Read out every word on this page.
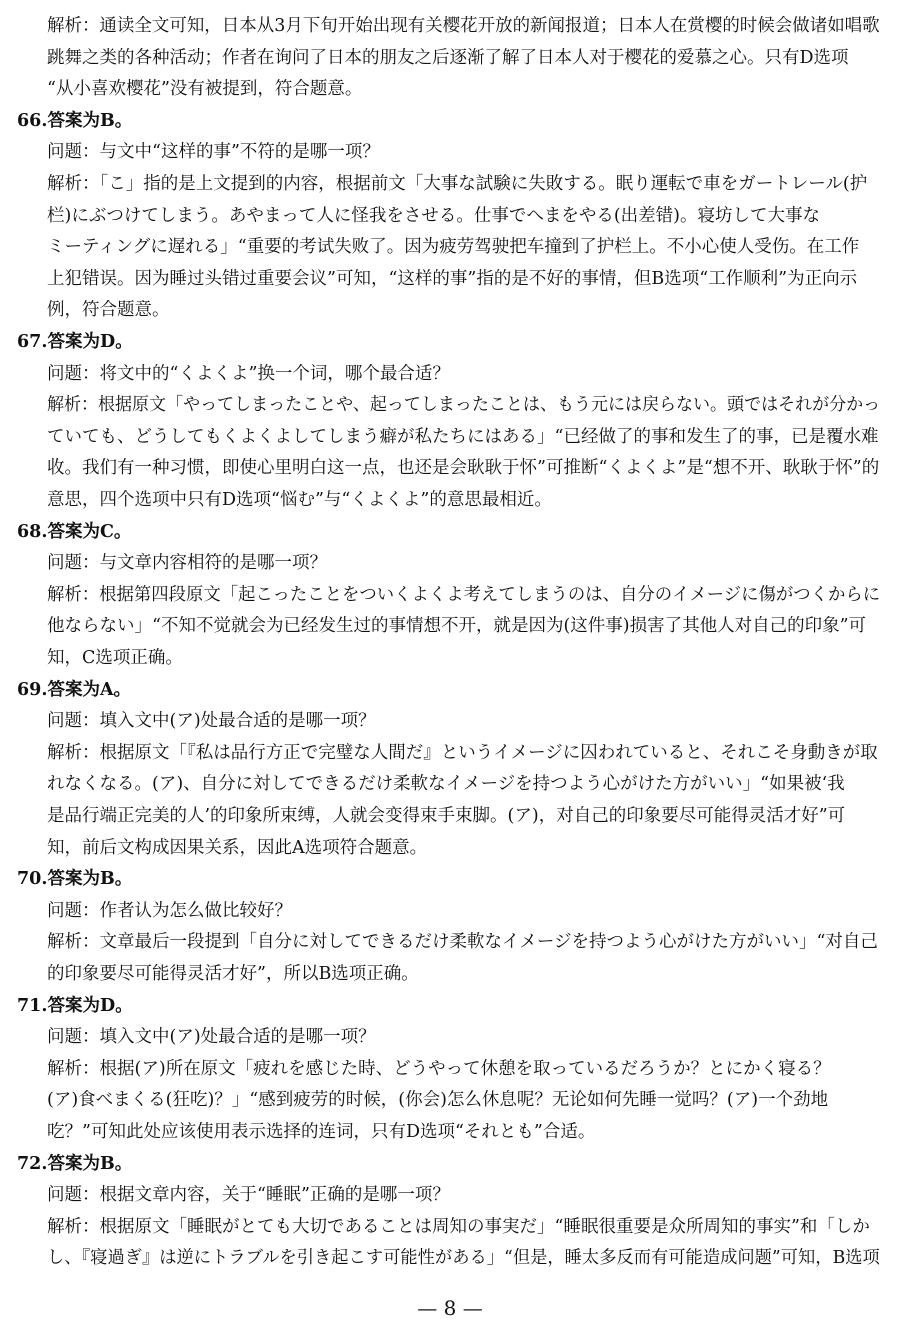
— 8 —
解析：通读全文可知，日本从3月下旬开始出现有关樱花开放的新闻报道；日本人在赏樱的时候会做诸如唱歌
跳舞之类的各种活动；作者在询问了日本的朋友之后逐渐了解了日本人对于樱花的爱慕之心。只有D选项
“从小喜欢樱花”没有被提到，符合题意。
66.答案为B。
问题：与文中“这样的事”不符的是哪一项？
解析：「こ」指的是上文提到的内容，根据前文「大事な試験に失敗する。眠り運転で車をガートレール(护
栏)にぶつけてしまう。あやまって人に怪我をさせる。仕事でへまをやる(出差错)。寝坊して大事な
ミーティングに遅れる」“重要的考试失败了。因为疲劳驾驶把车撞到了护栏上。不小心使人受伤。在工作
上犯错误。因为睡过头错过重要会议”可知，“这样的事”指的是不好的事情，但B选项“工作顺利”为正向示
例，符合题意。
67.答案为D。
问题：将文中的“くよくよ”换一个词，哪个最合适？
解析：根据原文「やってしまったことや、起ってしまったことは、もう元には戻らない。頭ではそれが分かっ
ていても、どうしてもくよくよしてしまう癖が私たちにはある」“已经做了的事和发生了的事，已是覆水难
收。我们有一种习惯，即使心里明白这一点，也还是会耿耿于怀”可推断“くよくよ”是“想不开、耿耿于怀”的
意思，四个选项中只有D选项“悩む”与“くよくよ”的意思最相近。
68.答案为C。
问题：与文章内容相符的是哪一项？
解析：根据第四段原文「起こったことをついくよくよ考えてしまうのは、自分のイメージに傷がつくからに
他ならない」“不知不觉就会为已经发生过的事情想不开，就是因为(这件事)损害了其他人对自己的印象”可
知，C选项正确。
69.答案为A。
问题：填入文中(ア)处最合适的是哪一项？
解析：根据原文「『私は品行方正で完璧な人間だ』というイメージに囚われていると、それこそ身動きが取
れなくなる。(ア)、自分に対してできるだけ柔軟なイメージを持つよう心がけた方がいい」“如果被‘我
是品行端正完美的人’的印象所束缚，人就会变得束手束脚。(ア)，对自己的印象要尽可能得灵活才好”可
知，前后文构成因果关系，因此A选项符合题意。
70.答案为B。
问题：作者认为怎么做比较好？
解析：文章最后一段提到「自分に対してできるだけ柔軟なイメージを持つよう心がけた方がいい」“对自己
的印象要尽可能得灵活才好”，所以B选项正确。
71.答案为D。
问题：填入文中(ア)处最合适的是哪一项？
解析：根据(ア)所在原文「疲れを感じた時、どうやって休憩を取っているだろうか？とにかく寝る？
(ア)食べまくる(狂吃)？」“感到疲劳的时候，(你会)怎么休息呢？无论如何先睡一觉吗？(ア)一个劲地
吃？”可知此处应该使用表示选择的连词，只有D选项“それとも”合适。
72.答案为B。
问题：根据文章内容，关于“睡眠”正确的是哪一项？
解析：根据原文「睡眠がとても大切であることは周知の事実だ」“睡眠很重要是众所周知的事实”和「しか
し、『寝過ぎ』は逆にトラブルを引き起こす可能性がある」“但是，睡太多反而有可能造成问题”可知，B选项
